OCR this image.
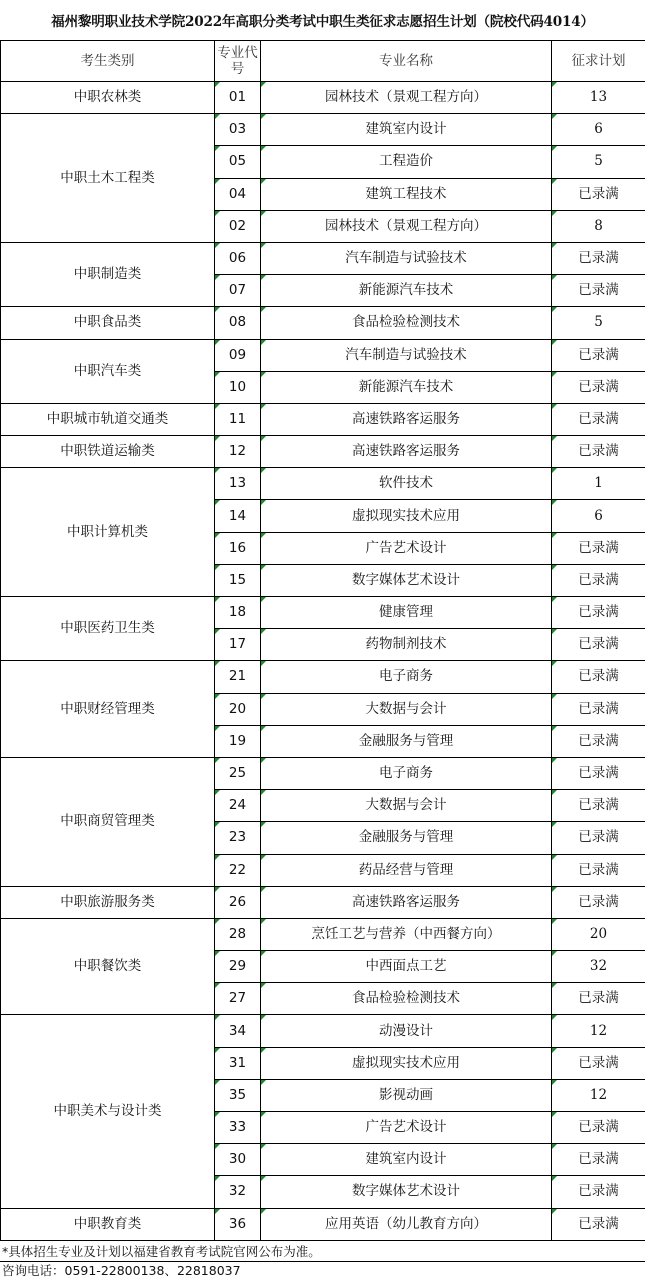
福州黎明职业技术学院2022年高职分类考试中职生类征求志愿招生计划（院校代码4014）
考生类别	专业代号	专业名称	征求计划
中职农林类	01	园林技术（景观工程方向）	13
中职土木工程类	03	建筑室内设计	6
	05	工程造价	5
	04	建筑工程技术	已录满
	02	园林技术（景观工程方向）	8
中职制造类	06	汽车制造与试验技术	已录满
	07	新能源汽车技术	已录满
中职食品类	08	食品检验检测技术	5
中职汽车类	09	汽车制造与试验技术	已录满
	10	新能源汽车技术	已录满
中职城市轨道交通类	11	高速铁路客运服务	已录满
中职铁道运输类	12	高速铁路客运服务	已录满
中职计算机类	13	软件技术	1
	14	虚拟现实技术应用	6
	16	广告艺术设计	已录满
	15	数字媒体艺术设计	已录满
中职医药卫生类	18	健康管理	已录满
	17	药物制剂技术	已录满
中职财经管理类	21	电子商务	已录满
	20	大数据与会计	已录满
	19	金融服务与管理	已录满
中职商贸管理类	25	电子商务	已录满
	24	大数据与会计	已录满
	23	金融服务与管理	已录满
	22	药品经营与管理	已录满
中职旅游服务类	26	高速铁路客运服务	已录满
中职餐饮类	28	烹饪工艺与营养（中西餐方向）	20
	29	中西面点工艺	32
	27	食品检验检测技术	已录满
中职美术与设计类	34	动漫设计	12
	31	虚拟现实技术应用	已录满
	35	影视动画	12
	33	广告艺术设计	已录满
	30	建筑室内设计	已录满
	32	数字媒体艺术设计	已录满
中职教育类	36	应用英语（幼儿教育方向）	已录满
*具体招生专业及计划以福建省教育考试院官网公布为准。
咨询电话：0591-22800138、22818037
